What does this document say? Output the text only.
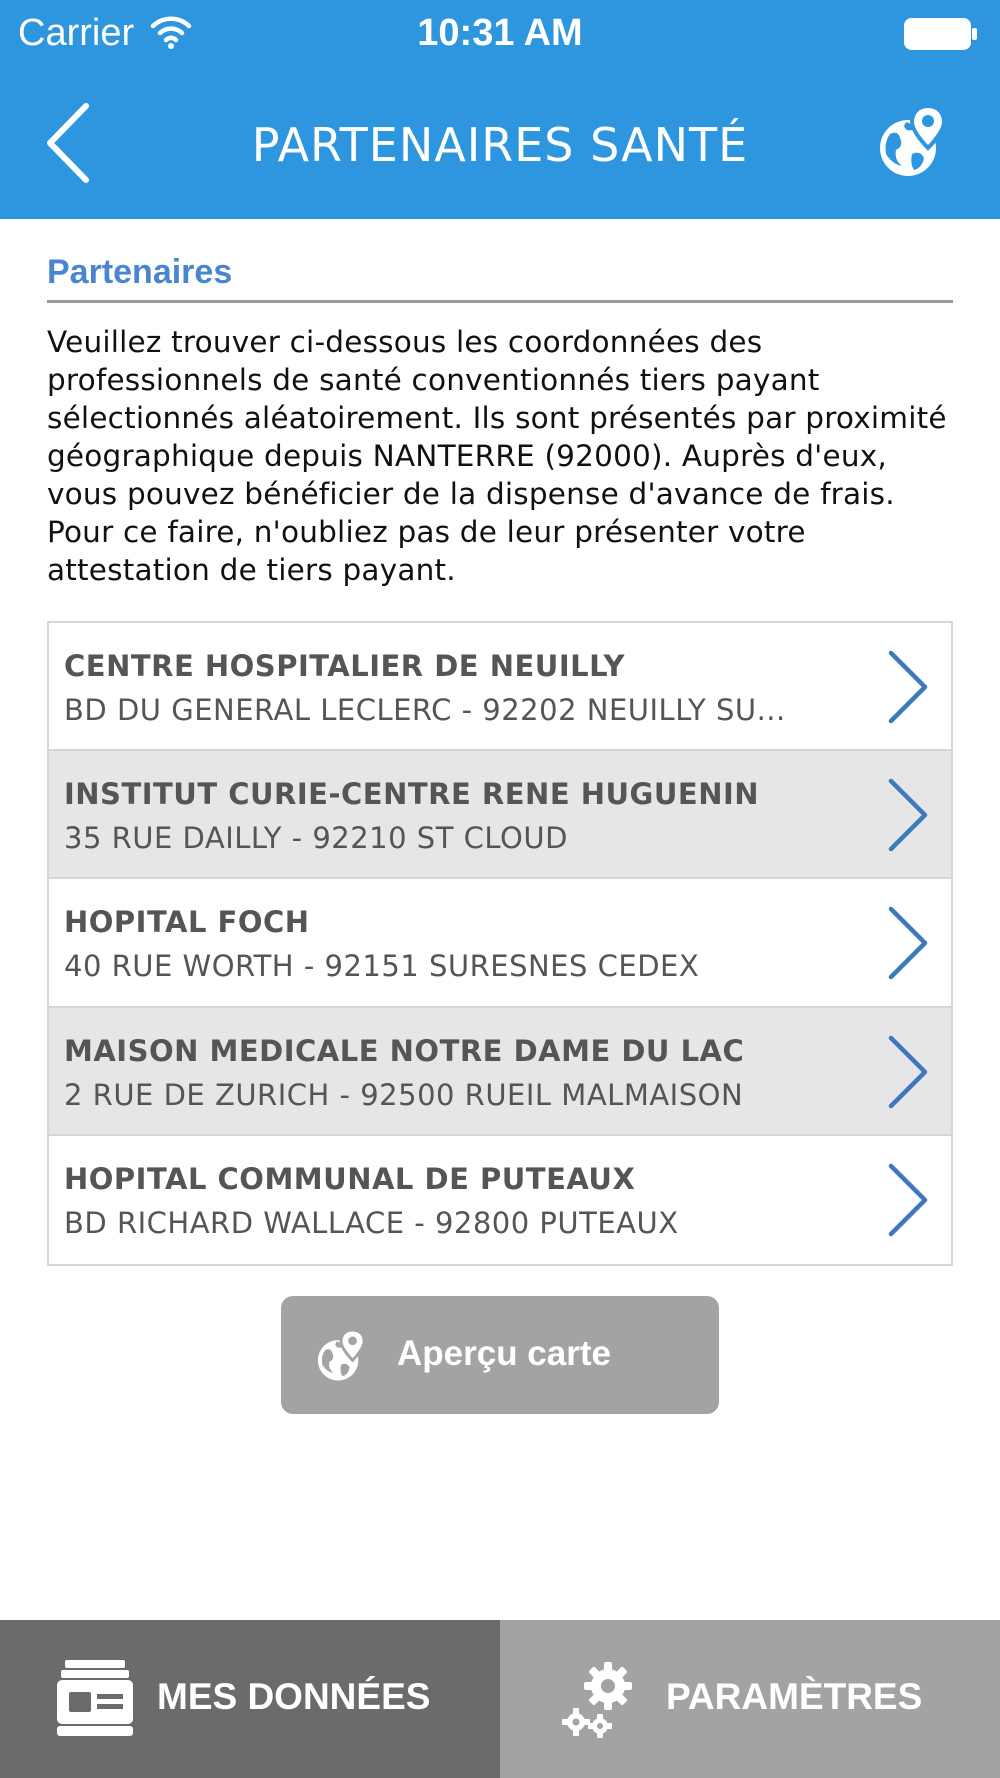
Carrier	10:31 AM
PARTENAIRES SANTÉ
Partenaires

Veuillez trouver ci-dessous les coordonnées des professionnels de santé conventionnés tiers payant sélectionnés aléatoirement. Ils sont présentés par proximité géographique depuis NANTERRE (92000). Auprès d'eux, vous pouvez bénéficier de la dispense d'avance de frais. Pour ce faire, n'oubliez pas de leur présenter votre attestation de tiers payant.

CENTRE HOSPITALIER DE NEUILLY
BD DU GENERAL LECLERC - 92202 NEUILLY SU...
INSTITUT CURIE-CENTRE RENE HUGUENIN
35 RUE DAILLY - 92210 ST CLOUD
HOPITAL FOCH
40 RUE WORTH - 92151 SURESNES CEDEX
MAISON MEDICALE NOTRE DAME DU LAC
2 RUE DE ZURICH - 92500 RUEIL MALMAISON
HOPITAL COMMUNAL DE PUTEAUX
BD RICHARD WALLACE - 92800 PUTEAUX
Aperçu carte
MES DONNÉES	PARAMÈTRES
